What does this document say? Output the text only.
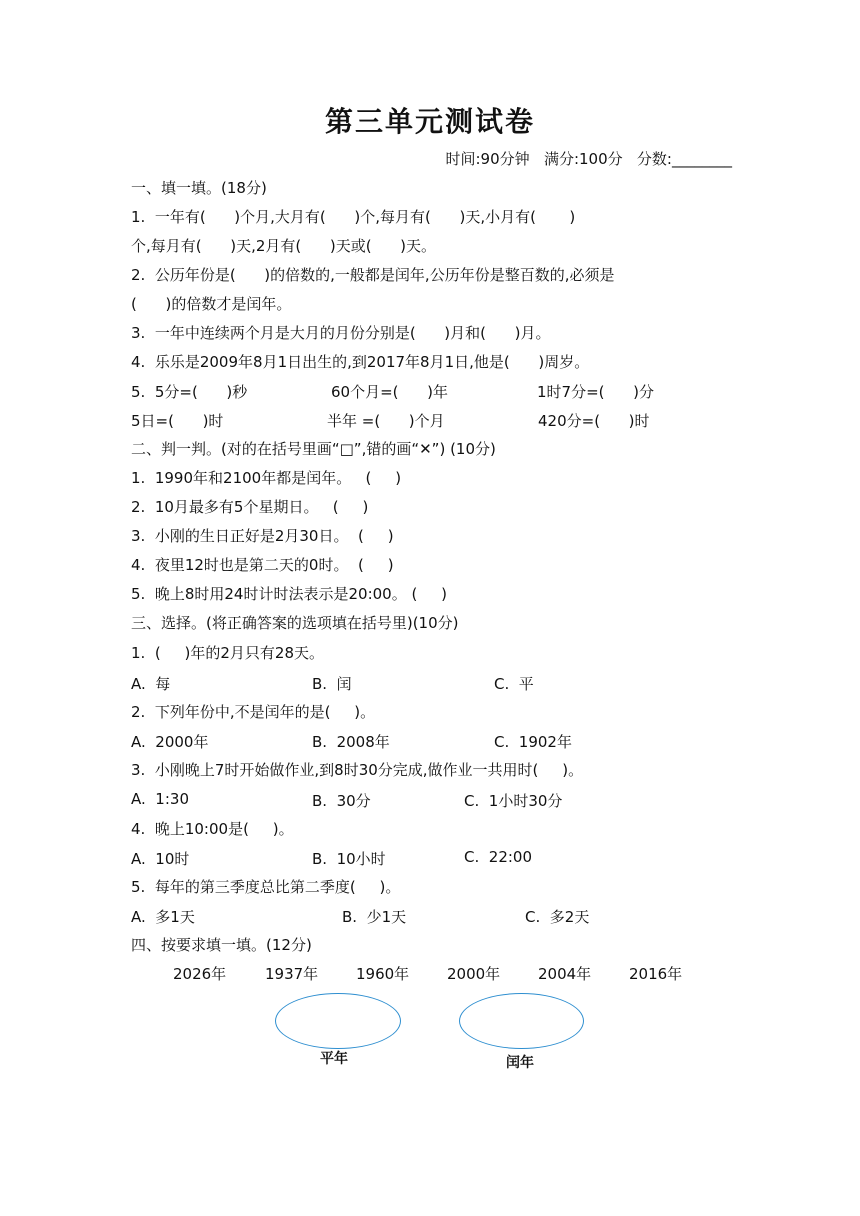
第三单元测试卷
时间:90分钟   满分:100分   分数:________
一、填一填。(18分)
1.  一年有(      )个月,大月有(      )个,每月有(      )天,小月有(       )
个,每月有(      )天,2月有(      )天或(      )天。
2.  公历年份是(      )的倍数的,一般都是闰年,公历年份是整百数的,必须是
(      )的倍数才是闰年。
3.  一年中连续两个月是大月的月份分别是(      )月和(      )月。
4.  乐乐是2009年8月1日出生的,到2017年8月1日,他是(      )周岁。
5.  5分=(      )秒	60个月=(      )年	1时7分=(      )分
5日=(      )时	半年 =(      )个月	420分=(      )时
二、判一判。(对的在括号里画“□”,错的画“✕”) (10分)
1.  1990年和2100年都是闰年。   (     )
2.  10月最多有5个星期日。   (     )
3.  小刚的生日正好是2月30日。  (     )
4.  夜里12时也是第二天的0时。  (     )
5.  晚上8时用24时计时法表示是20:00。 (     )
三、选择。(将正确答案的选项填在括号里)(10分)
1.  (     )年的2月只有28天。
A.  每	B.  闰	C.  平
2.  下列年份中,不是闰年的是(     )。
A.  2000年	B.  2008年	C.  1902年
3.  小刚晚上7时开始做作业,到8时30分完成,做作业一共用时(     )。
A.  1:30	B.  30分	C.  1小时30分
4.  晚上10:00是(     )。
A.  10时	B.  10小时	C.  22:00
5.  每年的第三季度总比第二季度(     )。
A.  多1天	B.  少1天	C.  多2天
四、按要求填一填。(12分)
2026年	1937年	1960年	2000年	2004年	2016年
平年	闰年
